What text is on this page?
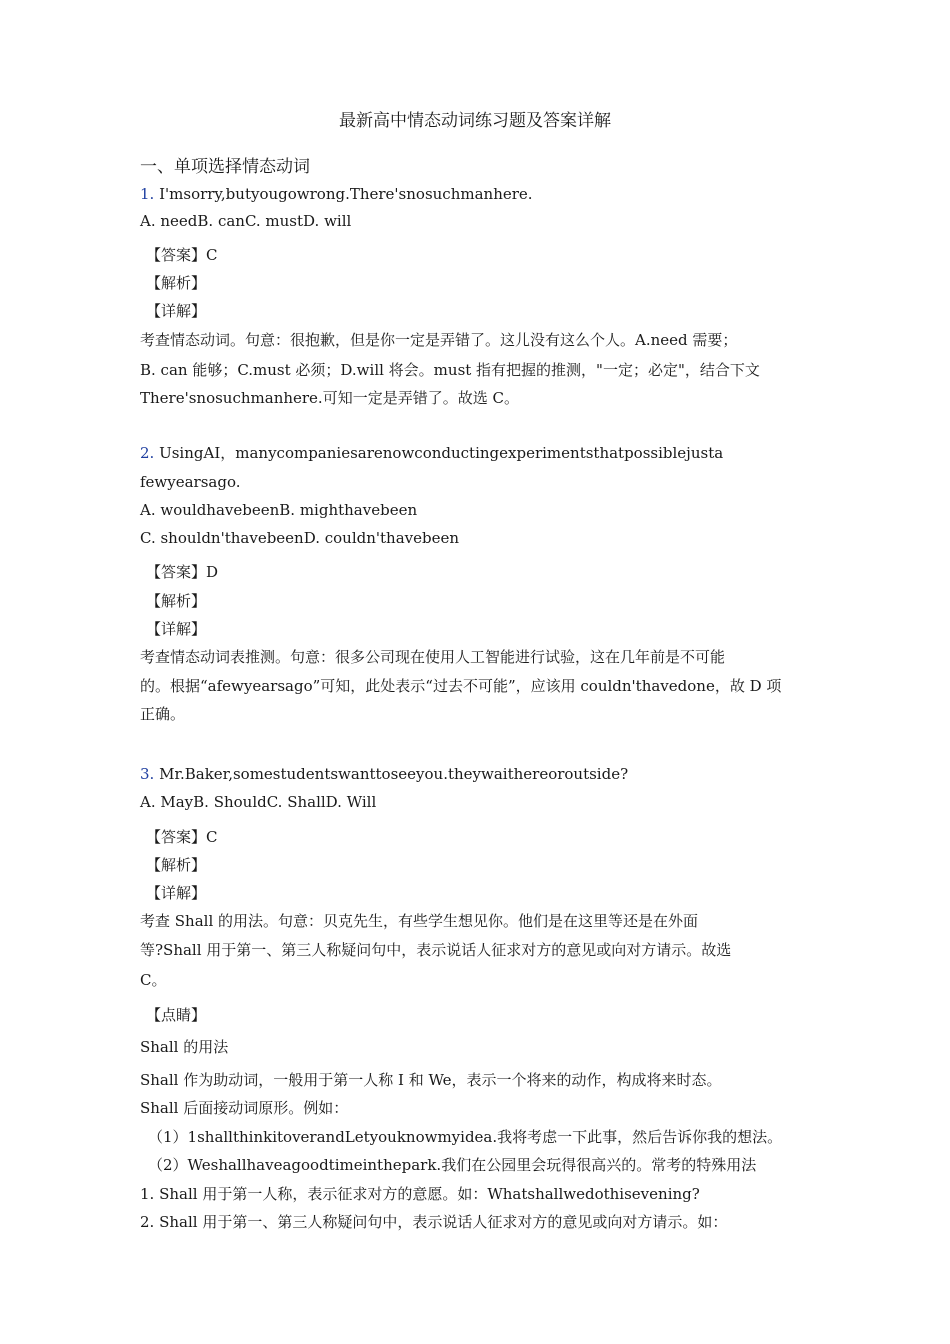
最新高中情态动词练习题及答案详解
一、单项选择情态动词
1. I'msorry,butyougowrong.There'snosuchmanhere.
A. needB. canC. mustD. will
【答案】C
【解析】
【详解】
考查情态动词。句意：很抱歉，但是你一定是弄错了。这儿没有这么个人。A.need 需要；
B. can 能够；C.must 必须；D.will 将会。must 指有把握的推测，"一定；必定"，结合下文
There'snosuchmanhere.可知一定是弄错了。故选 C。
2. UsingAI，manycompaniesarenowconductingexperimentsthatpossiblejusta
fewyearsago.
A. wouldhavebeenB. mighthavebeen
C. shouldn'thavebeenD. couldn'thavebeen
【答案】D
【解析】
【详解】
考查情态动词表推测。句意：很多公司现在使用人工智能进行试验，这在几年前是不可能
的。根据“afewyearsago”可知，此处表示“过去不可能”，应该用 couldn'thavedone，故 D 项
正确。
3. Mr.Baker,somestudentswanttoseeyou.theywaithereoroutside?
A. MayB. ShouldC. ShallD. Will
【答案】C
【解析】
【详解】
考查 Shall 的用法。句意：贝克先生，有些学生想见你。他们是在这里等还是在外面
等?Shall 用于第一、第三人称疑问句中，表示说话人征求对方的意见或向对方请示。故选
C。
【点睛】
Shall 的用法
Shall 作为助动词，一般用于第一人称 I 和 We，表示一个将来的动作，构成将来时态。
Shall 后面接动词原形。例如：
（1）1shallthinkitoverandLetyouknowmyidea.我将考虑一下此事，然后告诉你我的想法。
（2）Weshallhaveagoodtimeinthepark.我们在公园里会玩得很高兴的。常考的特殊用法
1. Shall 用于第一人称，表示征求对方的意愿。如：Whatshallwedothisevening?
2. Shall 用于第一、第三人称疑问句中，表示说话人征求对方的意见或向对方请示。如：
